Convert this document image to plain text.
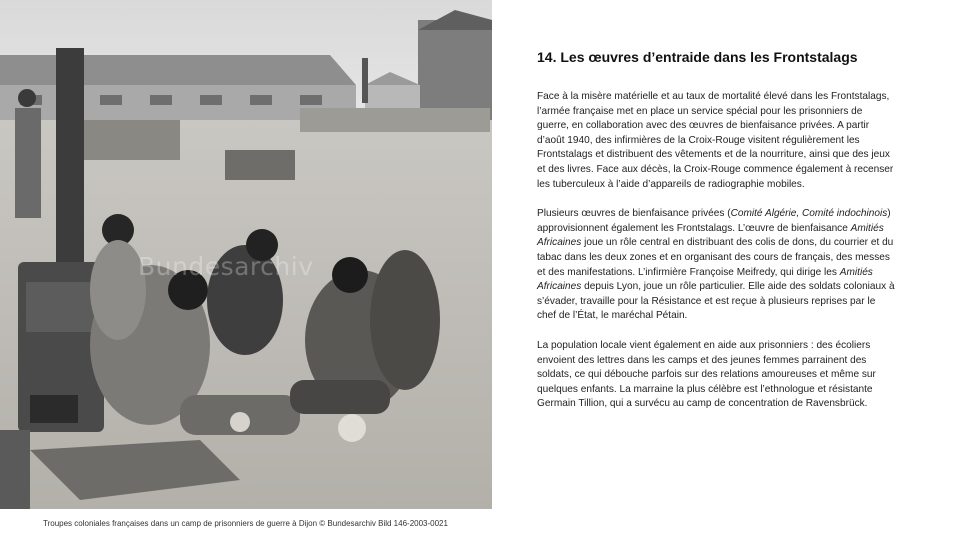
Bundesarchiv
Troupes coloniales françaises dans un camp de prisonniers de guerre à Dijon © Bundesarchiv Bild 146-2003-0021
14. Les œuvres d’entraide dans les Frontstalags

Face à la misère matérielle et au taux de mortalité élevé dans les Frontstalags, l’armée française met en place un service spécial pour les prisonniers de guerre, en collaboration avec des œuvres de bienfaisance privées. A partir d’août 1940, des infirmières de la Croix-Rouge visitent régulièrement les Frontstalags et distribuent des vêtements et de la nourriture, ainsi que des jeux et des livres. Face aux décès, la Croix-Rouge commence également à recenser les tuberculeux à l’aide d’appareils de radiographie mobiles.

Plusieurs œuvres de bienfaisance privées (Comité Algérie, Comité indochinois) approvisionnent également les Frontstalags. L’œuvre de bienfaisance Amitiés Africaines joue un rôle central en distribuant des colis de dons, du courrier et du tabac dans les deux zones et en organisant des cours de français, des messes et des manifestations. L’infirmière Françoise Meifredy, qui dirige les Amitiés Africaines depuis Lyon, joue un rôle particulier. Elle aide des soldats coloniaux à s’évader, travaille pour la Résistance et est reçue à plusieurs reprises par le chef de l’État, le maréchal Pétain.

La population locale vient également en aide aux prisonniers : des écoliers envoient des lettres dans les camps et des jeunes femmes parrainent des soldats, ce qui débouche parfois sur des relations amoureuses et même sur quelques enfants. La marraine la plus célèbre est l’ethnologue et résistante Germain Tillion, qui a survécu au camp de concentration de Ravensbrück.
